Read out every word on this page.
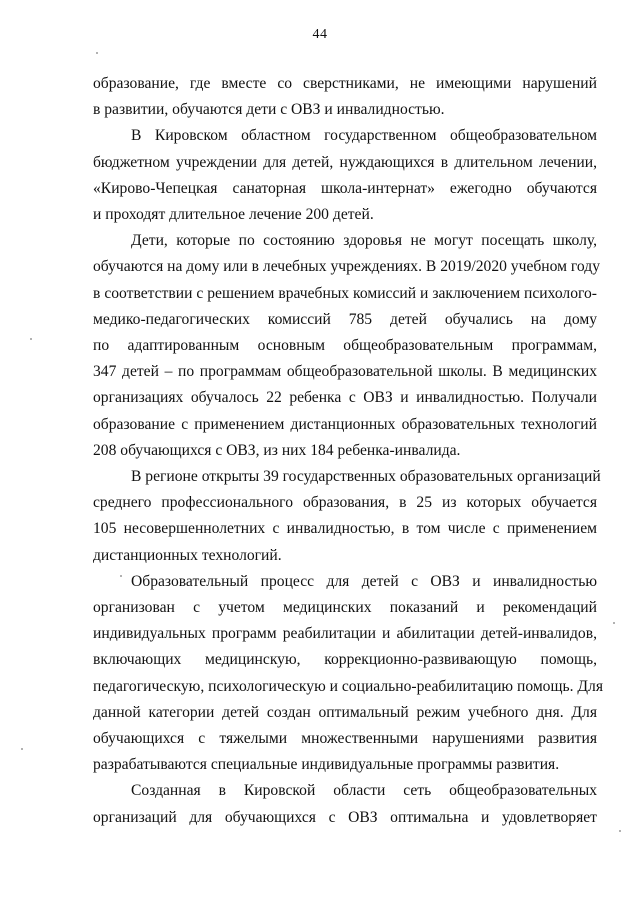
44

образование, где вместе со сверстниками, не имеющими нарушений

в развитии, обучаются дети с ОВЗ и инвалидностью.

В Кировском областном государственном общеобразовательном

бюджетном учреждении для детей, нуждающихся в длительном лечении,

«Кирово-Чепецкая санаторная школа-интернат» ежегодно обучаются

и проходят длительное лечение 200 детей.

Дети, которые по состоянию здоровья не могут посещать школу,

обучаются на дому или в лечебных учреждениях. В 2019/2020 учебном году

в соответствии с решением врачебных комиссий и заключением психолого-

медико-педагогических комиссий 785 детей обучались на дому

по адаптированным основным общеобразовательным программам,

347 детей – по программам общеобразовательной школы. В медицинских

организациях обучалось 22 ребенка с ОВЗ и инвалидностью. Получали

образование с применением дистанционных образовательных технологий

208 обучающихся с ОВЗ, из них 184 ребенка-инвалида.

В регионе открыты 39 государственных образовательных организаций

среднего профессионального образования, в 25 из которых обучается

105 несовершеннолетних с инвалидностью, в том числе с применением

дистанционных технологий.

Образовательный процесс для детей с ОВЗ и инвалидностью

организован с учетом медицинских показаний и рекомендаций

индивидуальных программ реабилитации и абилитации детей-инвалидов,

включающих медицинскую, коррекционно-развивающую помощь,

педагогическую, психологическую и социально-реабилитацию помощь. Для

данной категории детей создан оптимальный режим учебного дня. Для

обучающихся с тяжелыми множественными нарушениями развития

разрабатываются специальные индивидуальные программы развития.

Созданная в Кировской области сеть общеобразовательных

организаций для обучающихся с ОВЗ оптимальна и удовлетворяет
